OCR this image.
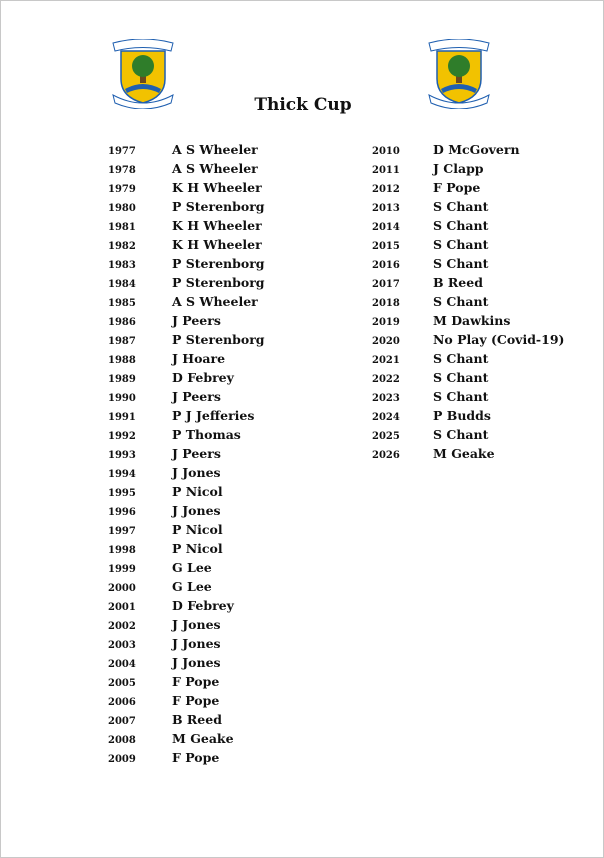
Thick Cup
1977	A S Wheeler
1978	A S Wheeler
1979	K H Wheeler
1980	P Sterenborg
1981	K H Wheeler
1982	K H Wheeler
1983	P Sterenborg
1984	P Sterenborg
1985	A S Wheeler
1986	J Peers
1987	P Sterenborg
1988	J Hoare
1989	D Febrey
1990	J Peers
1991	P J Jefferies
1992	P Thomas
1993	J Peers
1994	J Jones
1995	P Nicol
1996	J Jones
1997	P Nicol
1998	P Nicol
1999	G Lee
2000	G Lee
2001	D Febrey
2002	J Jones
2003	J Jones
2004	J Jones
2005	F Pope
2006	F Pope
2007	B Reed
2008	M Geake
2009	F Pope
2010	D McGovern
2011	J Clapp
2012	F Pope
2013	S Chant
2014	S Chant
2015	S Chant
2016	S Chant
2017	B Reed
2018	S Chant
2019	M Dawkins
2020	No Play (Covid-19)
2021	S Chant
2022	S Chant
2023	S Chant
2024	P Budds
2025	S Chant
2026	M Geake
